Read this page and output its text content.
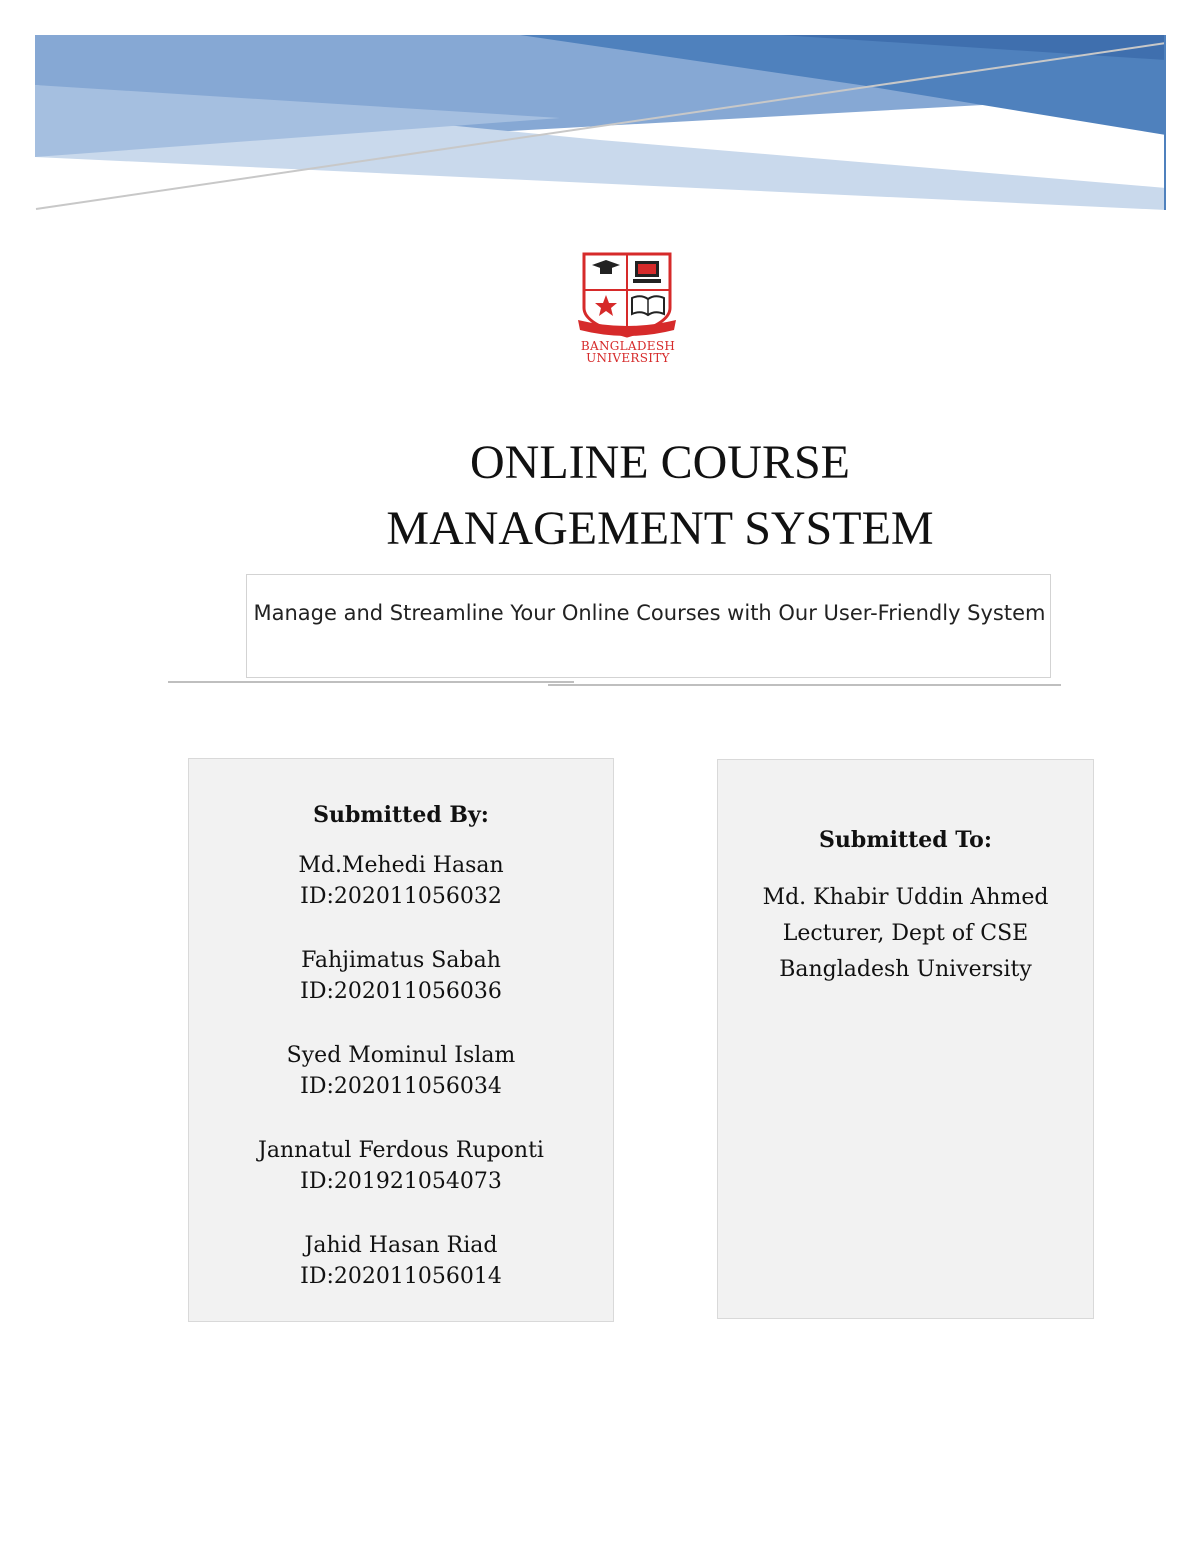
BANGLADESH
UNIVERSITY
ONLINE COURSE
MANAGEMENT SYSTEM
Manage and Streamline Your Online Courses with Our User-Friendly System
Submitted By:
Md.Mehedi Hasan
ID:202011056032
Fahjimatus Sabah
ID:202011056036
Syed Mominul Islam
ID:202011056034
Jannatul Ferdous Ruponti
ID:201921054073
Jahid Hasan Riad
ID:202011056014
Submitted To:
Md. Khabir Uddin Ahmed
Lecturer, Dept of CSE
Bangladesh University
